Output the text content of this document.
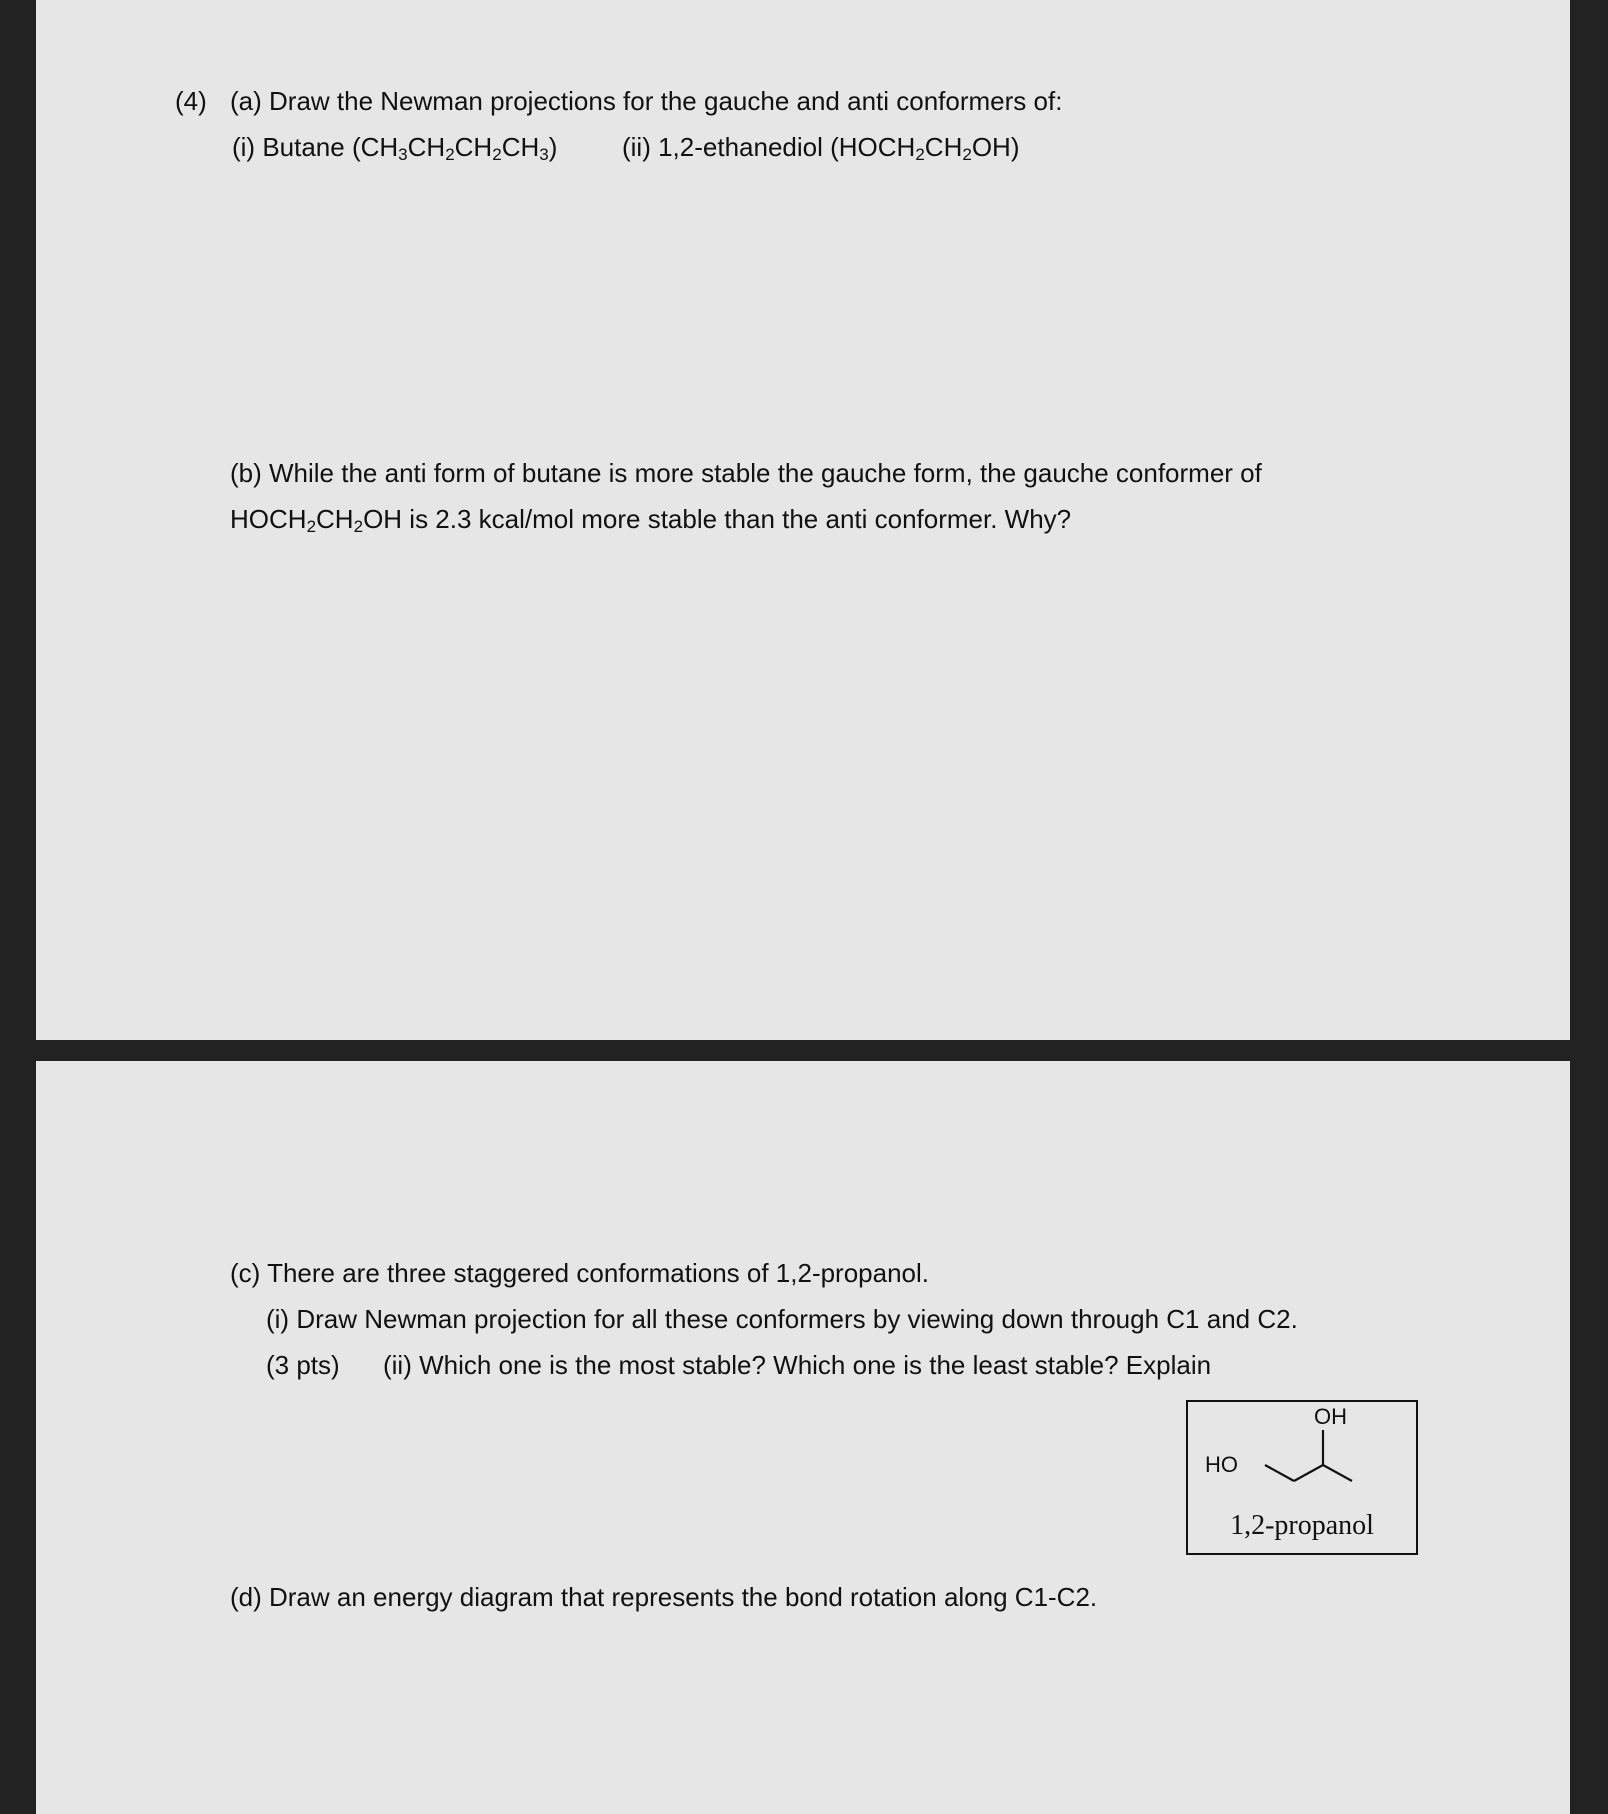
(4) (a) Draw the Newman projections for the gauche and anti conformers of:
(i) Butane $(CH_3CH_2CH_2CH_3)$ (ii) 1,2-ethanediol $(HOCH_2CH_2OH)$
(b) While the anti form of butane is more stable the gauche form, the gauche conformer of
$HOCH_2CH_2OH$ is 2.3 kcal/mol more stable than the anti conformer. Why?
(c) There are three staggered conformations of 1,2-propanol.
(i) Draw Newman projection for all these conformers by viewing down through C1 and C2.
(3 pts) (ii) Which one is the most stable? Which one is the least stable? Explain
OH
HO
1,2-propanol
(d) Draw an energy diagram that represents the bond rotation along C1-C2.
